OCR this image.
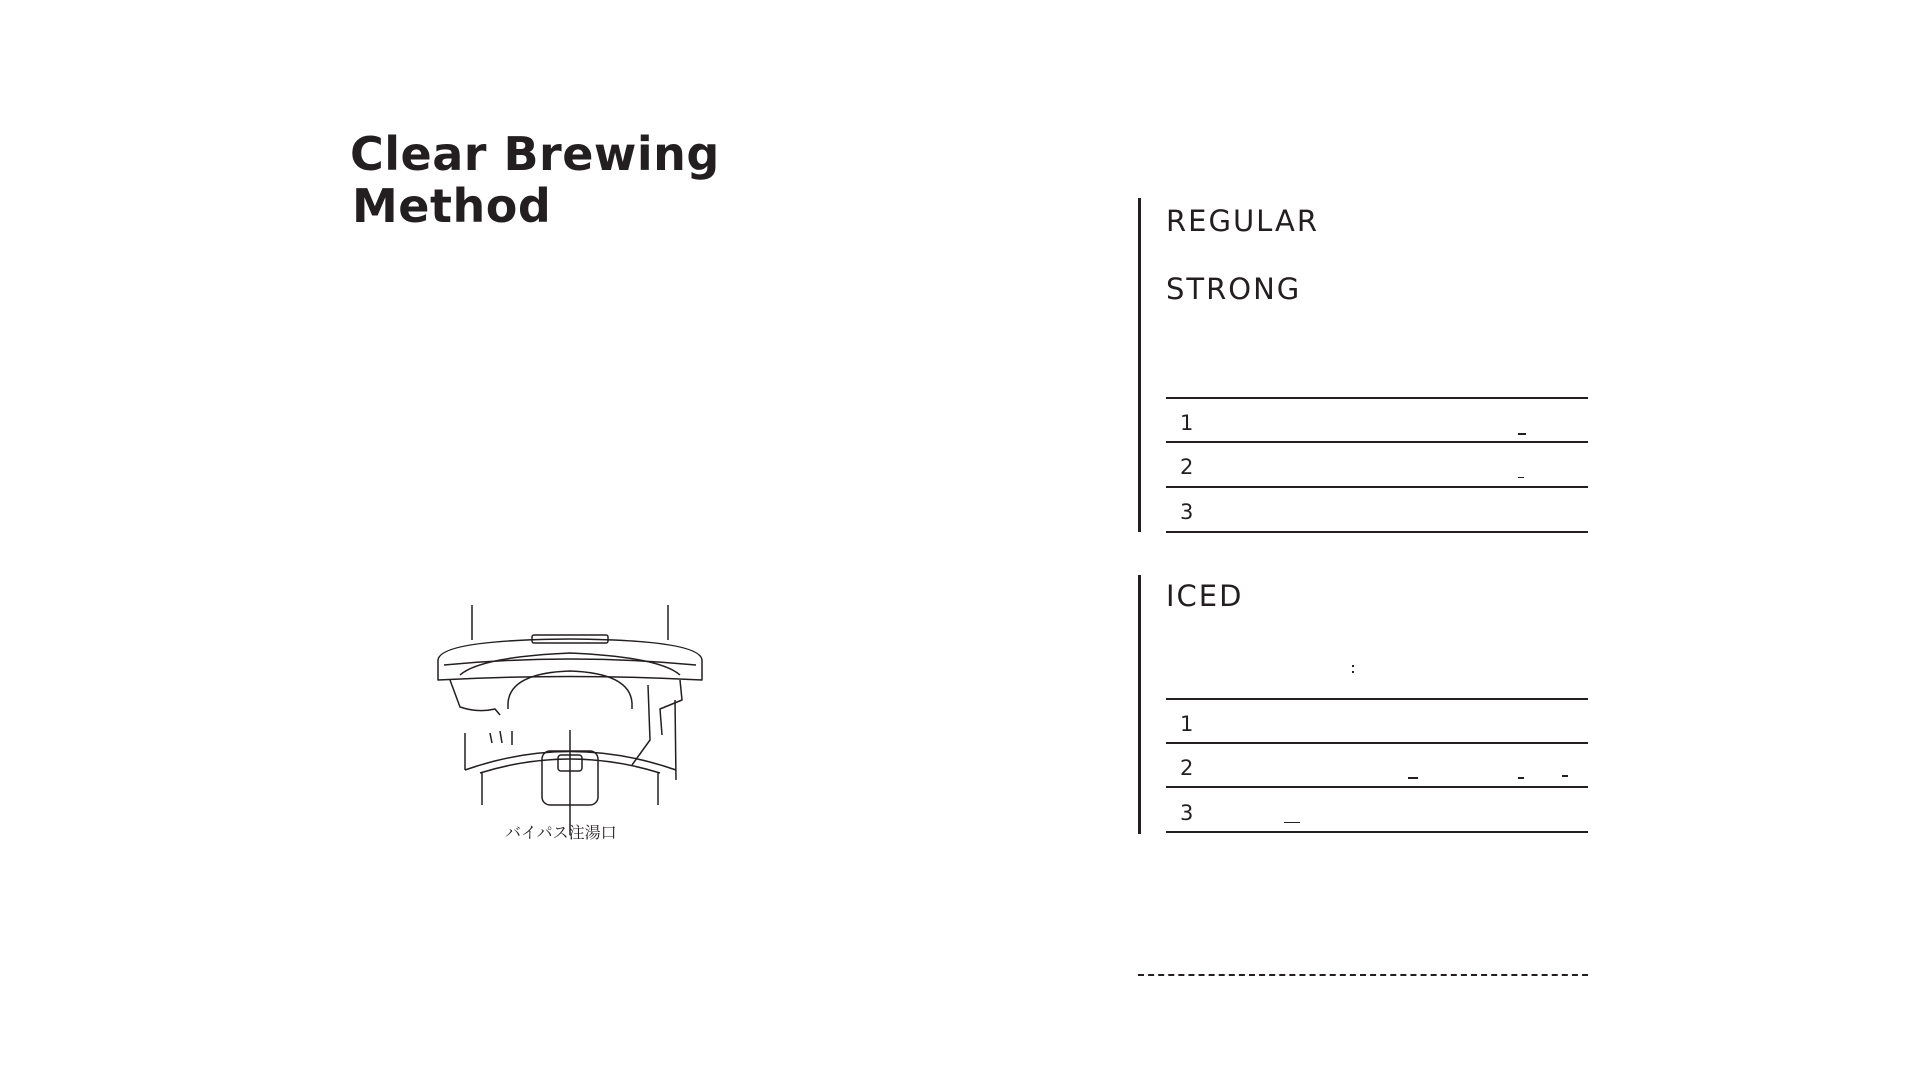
Clear Brewing
Method
バイパス注湯口
REGULAR
STRONG
1
2
3
ICED
1
2
3
